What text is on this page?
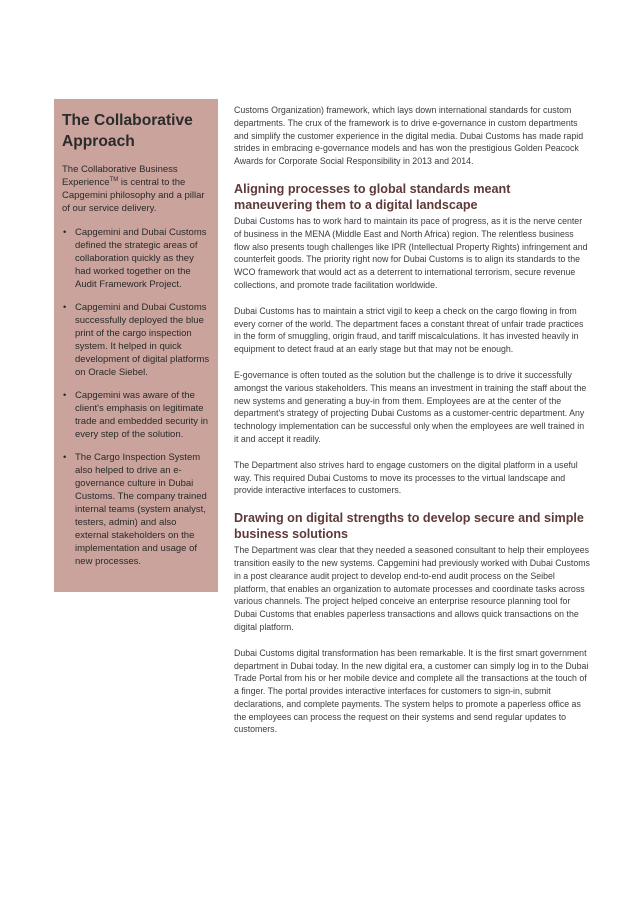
The Collaborative
Approach

The Collaborative Business Experience™ is central to the Capgemini philosophy and a pillar of our service delivery.

• Capgemini and Dubai Customs defined the strategic areas of collaboration quickly as they had worked together on the Audit Framework Project.
• Capgemini and Dubai Customs successfully deployed the blue print of the cargo inspection system. It helped in quick development of digital platforms on Oracle Siebel.
• Capgemini was aware of the client's emphasis on legitimate trade and embedded security in every step of the solution.
• The Cargo Inspection System also helped to drive an e-governance culture in Dubai Customs. The company trained internal teams (system analyst, testers, admin) and also external stakeholders on the implementation and usage of new processes.

Customs Organization) framework, which lays down international standards for custom departments. The crux of the framework is to drive e-governance in custom departments and simplify the customer experience in the digital media. Dubai Customs has made rapid strides in embracing e-governance models and has won the prestigious Golden Peacock Awards for Corporate Social Responsibility in 2013 and 2014.

Aligning processes to global standards meant maneuvering them to a digital landscape

Dubai Customs has to work hard to maintain its pace of progress, as it is the nerve center of business in the MENA (Middle East and North Africa) region. The relentless business flow also presents tough challenges like IPR (Intellectual Property Rights) infringement and counterfeit goods. The priority right now for Dubai Customs is to align its standards to the WCO framework that would act as a deterrent to international terrorism, secure revenue collections, and promote trade facilitation worldwide.

Dubai Customs has to maintain a strict vigil to keep a check on the cargo flowing in from every corner of the world. The department faces a constant threat of unfair trade practices in the form of smuggling, origin fraud, and tariff miscalculations. It has invested heavily in equipment to detect fraud at an early stage but that may not be enough.

E-governance is often touted as the solution but the challenge is to drive it successfully amongst the various stakeholders. This means an investment in training the staff about the new systems and generating a buy-in from them. Employees are at the center of the department's strategy of projecting Dubai Customs as a customer-centric department. Any technology implementation can be successful only when the employees are well trained in it and accept it readily.

The Department also strives hard to engage customers on the digital platform in a useful way. This required Dubai Customs to move its processes to the virtual landscape and provide interactive interfaces to customers.

Drawing on digital strengths to develop secure and simple business solutions

The Department was clear that they needed a seasoned consultant to help their employees transition easily to the new systems. Capgemini had previously worked with Dubai Customs in a post clearance audit project to develop end-to-end audit process on the Seibel platform, that enables an organization to automate processes and coordinate tasks across various channels. The project helped conceive an enterprise resource planning tool for Dubai Customs that enables paperless transactions and allows quick transactions on the digital platform.

Dubai Customs digital transformation has been remarkable. It is the first smart government department in Dubai today. In the new digital era, a customer can simply log in to the Dubai Trade Portal from his or her mobile device and complete all the transactions at the touch of a finger. The portal provides interactive interfaces for customers to sign-in, submit declarations, and complete payments. The system helps to promote a paperless office as the employees can process the request on their systems and send regular updates to customers.
